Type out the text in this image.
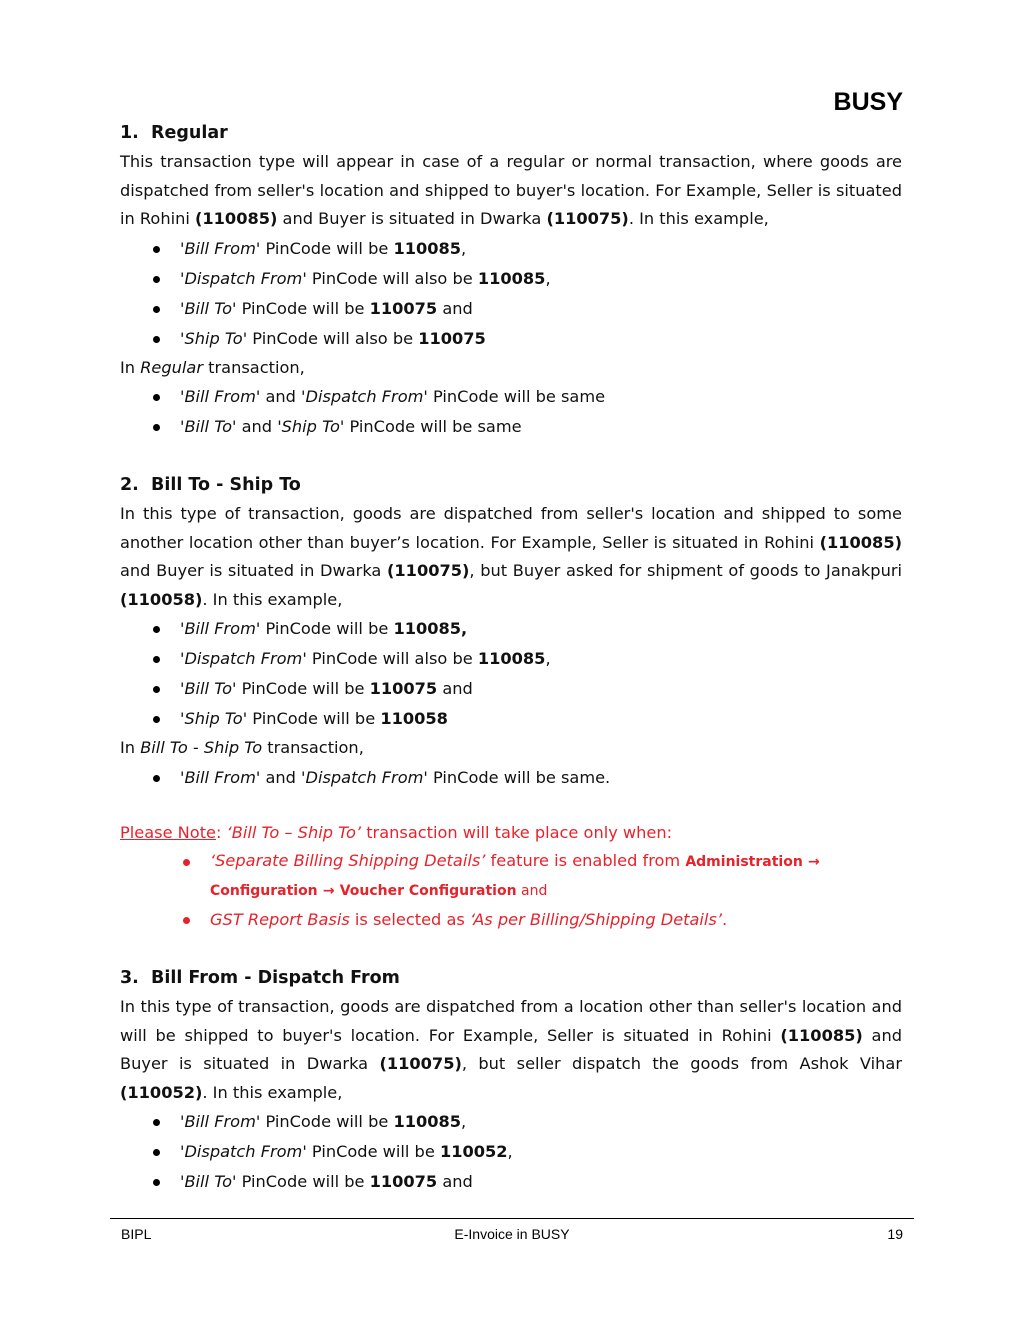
BUSY

1. Regular

This transaction type will appear in case of a regular or normal transaction, where goods are dispatched from seller's location and shipped to buyer's location. For Example, Seller is situated in Rohini (110085) and Buyer is situated in Dwarka (110075). In this example,

'Bill From' PinCode will be 110085,
'Dispatch From' PinCode will also be 110085,
'Bill To' PinCode will be 110075 and
'Ship To' PinCode will also be 110075

In Regular transaction,

'Bill From' and 'Dispatch From' PinCode will be same
'Bill To' and 'Ship To' PinCode will be same

2. Bill To - Ship To

In this type of transaction, goods are dispatched from seller's location and shipped to some another location other than buyer’s location. For Example, Seller is situated in Rohini (110085) and Buyer is situated in Dwarka (110075), but Buyer asked for shipment of goods to Janakpuri (110058). In this example,

'Bill From' PinCode will be 110085,
'Dispatch From' PinCode will also be 110085,
'Bill To' PinCode will be 110075 and
'Ship To' PinCode will be 110058

In Bill To - Ship To transaction,

'Bill From' and 'Dispatch From' PinCode will be same.

Please Note: ‘Bill To – Ship To’ transaction will take place only when:

‘Separate Billing Shipping Details’ feature is enabled from Administration →
Configuration → Voucher Configuration and
GST Report Basis is selected as ‘As per Billing/Shipping Details’.

3. Bill From - Dispatch From

In this type of transaction, goods are dispatched from a location other than seller's location and will be shipped to buyer's location. For Example, Seller is situated in Rohini (110085) and Buyer is situated in Dwarka (110075), but seller dispatch the goods from Ashok Vihar (110052). In this example,

'Bill From' PinCode will be 110085,
'Dispatch From' PinCode will be 110052,
'Bill To' PinCode will be 110075 and
BIPL	E-Invoice in BUSY	19
